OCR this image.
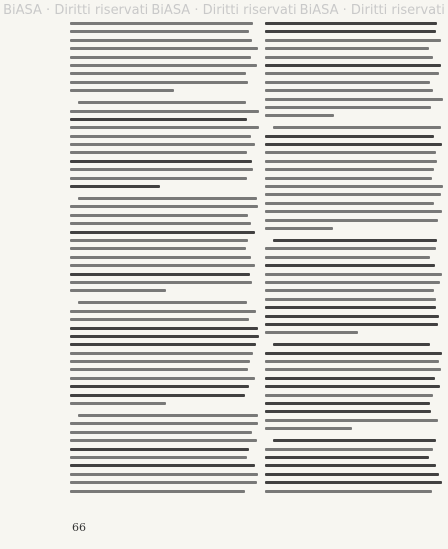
BiASA · Diritti riservati BiASA · Diritti riservati BiASA · Diritti riservati
66
